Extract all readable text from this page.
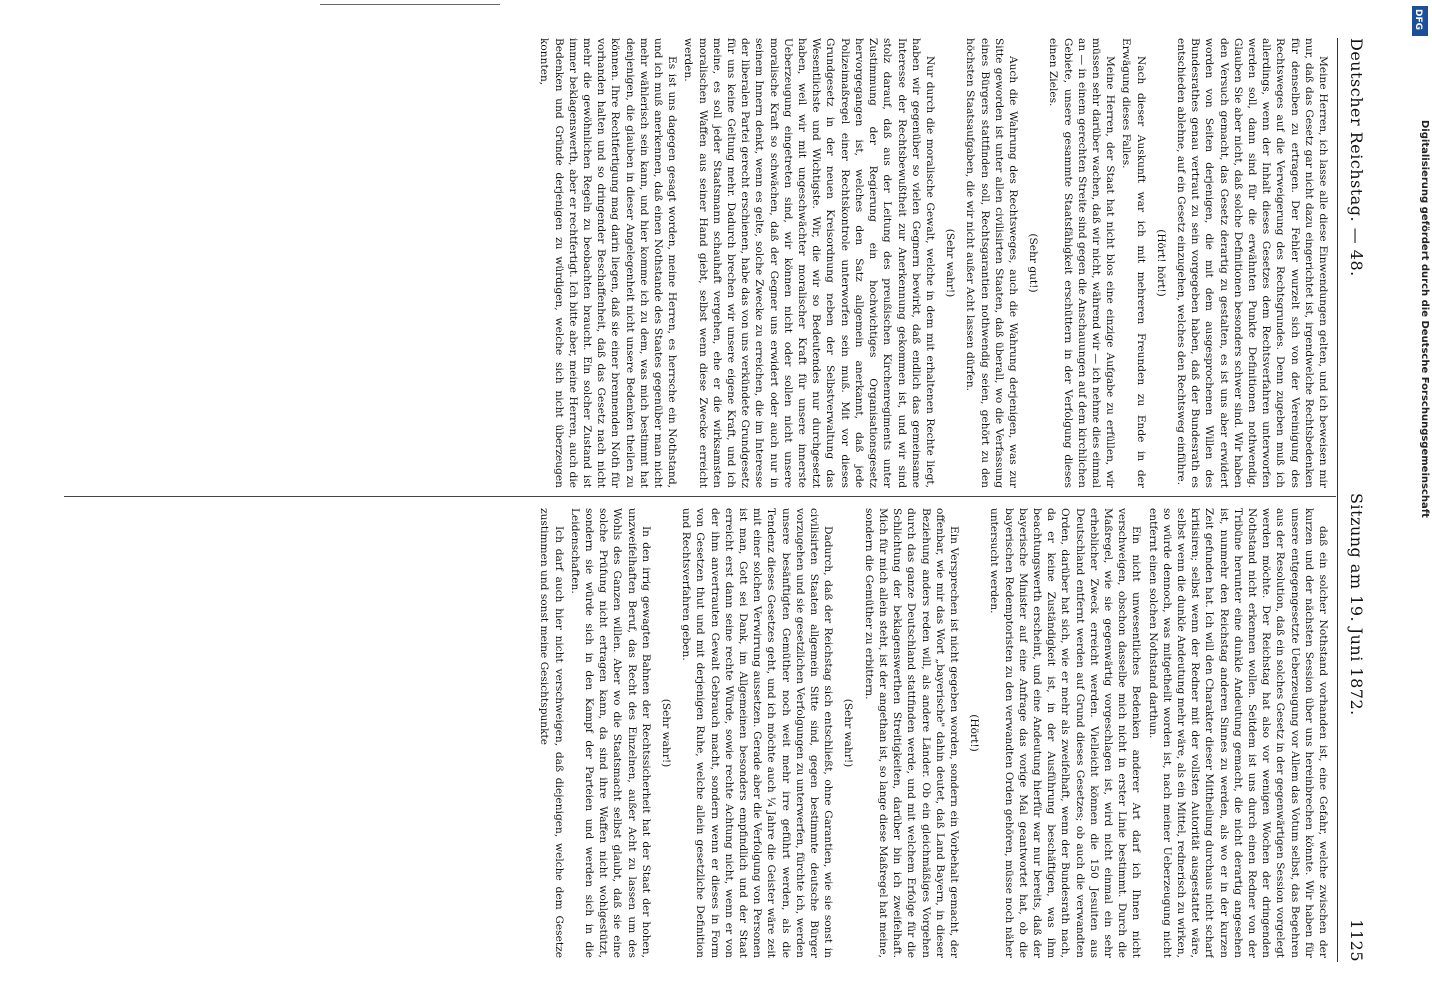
Deutscher Reichstag. — 48.
Sitzung am 19. Juni 1872.
1125

Meine Herren, ich lasse alle diese Einwendungen gelten, und ich beweisen mir nur, daß das Gesetz gar nicht dazu eingerichtet ist, irgendwelche Rechtsbedenken für denselben zu ertragen. Der Fehler wurzelt sich von der Vereinigung des Rechtsweges auf die Verweigerung des Rechtsgrundes. Denn zugeben muß ich allerdings, wenn der Inhalt dieses Gesetzes dem Rechtsverfahren unterworfen werden soll, dann sind für die erwähnten Punkte Definitionen nothwendig. Glauben Sie aber nicht, daß solche Definitionen besonders schwer sind. Wir haben den Versuch gemacht, das Gesetz derartig zu gestalten, es ist uns aber erwidert worden von Seiten derjenigen, die mit dem ausgesprochenen Willen des Bundesrathes genau vertraut zu sein vorgegeben haben, daß der Bundesrath es entschieden ablehne, auf ein Gesetz einzugehen, welches den Rechtsweg einführe.

(Hört! hört!)

Nach dieser Auskunft war ich mit mehreren Freunden zu Ende in der Erwägung dieses Falles.

Meine Herren, der Staat hat nicht blos eine einzige Aufgabe zu erfüllen, wir müssen sehr darüber wachen, daß wir nicht, während wir — ich nehme dies einmal an — in einem gerechten Streite sind gegen die Anschauungen auf dem kirchlichen Gebiete, unsere gesammte Staatsfähigkeit erschüttern in der Verfolgung dieses einen Zieles.

(Sehr gut!)

Auch die Wahrung des Rechtsweges, auch die Wahrung derjenigen, was zur Sitte geworden ist unter allen civilisirten Staaten, daß überall, wo die Verfassung eines Bürgers stattfinden soll, Rechtsgarantien nothwendig seien, gehört zu den höchsten Staatsaufgaben, die wir nicht außer Acht lassen dürfen.

(Sehr wahr!)

Nur durch die moralische Gewalt, welche in dem mit erhaltenen Rechte liegt, haben wir gegenüber so vielen Gegnern bewirkt, daß endlich das gemeinsame Interesse der Rechtsbewußtheit zur Anerkennung gekommen ist, und wir sind stolz darauf, daß aus der Leitung des preußischen Kirchenregiments unter Zustimmung der Regierung ein hochwichtiges Organisationsgesetz hervorgegangen ist, welches den Satz allgemein anerkannt, daß jede Polizeimaßregel einer Rechtskontrole unterworfen sein muß. Mit vor dieses Grundgesetz in der neuen Kreisordnung neben der Selbstverwaltung das Wesentlichste und Wichtigste. Wir, die wir so Bedeutendes nur durchgesetzt haben, weil wir mit ungeschwächter moralischer Kraft für unsere innerste Ueberzeugung eingetreten sind, wir können nicht oder sollen nicht unsere moralische Kraft so schwächen, daß der Gegner uns erwidert oder auch nur in seinem Innern denkt, wenn es gelte, solche Zwecke zu erreichen, die im Interesse der liberalen Partei gerecht erschienen, habe das von uns verkündete Grundgesetz für uns keine Geltung mehr. Dadurch brechen wir unsere eigene Kraft, und ich meine, es soll jeder Staatsmann schauhaft vergehen, ehe er die wirksamsten moralischen Waffen aus seiner Hand giebt, selbst wenn diese Zwecke erreicht werden.

Es ist uns dagegen gesagt worden, meine Herren, es herrsche ein Nothstand, und ich muß anerkennen, daß einen Nothstande des Staates gegenüber man nicht mehr wählerisch sein kann, und hier komme ich zu dem, was mich bestimmt hat denjenigen, die glauben in dieser Angelegenheit nicht unsere Bedenken theilen zu können. Ihre Rechtfertigung mag darin liegen, daß sie einer brennenden Noth für vorhanden halten und so dringender Beschaffenheit, daß das Gesetz nach nicht mehr die gewöhnlichen Regeln zu beobachten braucht. Ein solcher Zustand ist immer beklagenswerth, aber er rechtfertigt. Ich bitte aber, meine Herren, auch die Bedenken und Gründe derjenigen zu würdigen, welche sich nicht überzeugen konnten,

daß ein solcher Nothstand vorhanden ist, eine Gefahr, welche zwischen der kurzen und der nächsten Session über uns hereinbrechen könnte. Wir haben für unsere entgegengesetzte Ueberzeugung vor Allem das Votum selbst, das Begehren aus der Resolution, daß ein solches Gesetz in der gegenwärtigen Session vorgelegt werden möchte. Der Reichstag hat also vor wenigen Wochen der dringenden Nothstand nicht erkennen wollen. Seitdem ist uns durch einen Redner von der Tribüne herunter eine dunkle Andeutung gemacht, die nicht derartig angesehen ist, nunmehr den Reichstag anderen Sinnes zu werden, als wo er in der kurzen Zeit gefunden hat. Ich will den Charakter dieser Mittheilung durchaus nicht scharf kritisiren; selbst wenn der Redner mit der vollsten Autorität ausgestattet wäre, selbst wenn die dunkle Andeutung mehr wäre, als ein Mittel, rednerisch zu wirken, so würde dennoch, was mitgetheilt worden ist, nach meiner Ueberzeugung nicht entfernt einen solchen Nothstand darthun.

Ein nicht unwesentliches Bedenken anderer Art darf ich Ihnen nicht verschweigen, obschon dasselbe mich nicht in erster Linie bestimmt. Durch die Maßregel, wie sie gegenwärtig vorgeschlagen ist, wird nicht einmal ein sehr erheblicher Zweck erreicht werden. Vielleicht können die 150 Jesuiten aus Deutschland entfernt werden auf Grund dieses Gesetzes; ob auch die verwandten Orden, darüber hat sich, wie er mehr als zweifelhaft, wenn der Bundesrath nach, da er keine Zuständigkeit ist, in der Ausführung beschäftigen, was ihm beachtungswerth erscheint, und eine Andeutung hierfür war nur bereits, daß der bayerische Minister auf eine Anfrage das vorige Mal geantwortet hat, ob die bayerischen Redemptoristen zu den verwandten Orden gehören, müsse noch näher untersucht werden.

(Hört!)

Ein Versprechen ist nicht gegeben worden, sondern ein Vorbehalt gemacht, der offenbar, wie mir das Wort „bayerische" dahin deutet, daß Land Bayern, in dieser Beziehung anders reden will, als andere Länder. Ob ein gleichmäßiges Vorgehen durch das ganze Deutschland stattfinden werde, und mit welchem Erfolge für die Schlichtung der beklagenswerthen Streitigkeiten, darüber bin ich zweifelhaft. Mich für mich allein steht, ist der angethan ist, so lange diese Maßregel hat meine, sondern die Gemüther zu erbittern.

(Sehr wahr!)

Dadurch, daß der Reichstag sich entschließt, ohne Garantien, wie sie sonst in civilisirten Staaten allgemein Sitte sind, gegen bestimmte deutsche Bürger vorzugehen und sie gesetzlichen Verfolgungen zu unterwerfen, fürchte ich, werden unsere besänftigten Gemüther noch weit mehr irre geführt werden, als die Tendenz dieses Gesetzes geht, und ich möchte auch ¼ Jahre die Geister wäre zeit mit einer solchen Verwirrung aussetzen. Gerade aber die Verfolgung von Personen ist man, Gott sei Dank, im Allgemeinen besonders empfindlich und der Staat erreicht erst dann seine rechte Würde, sowie rechte Achtung nicht, wenn er von der ihm anvertrauten Gewalt Gebrauch macht, sondern wenn er dieses in Form von Gesetzen thut und mit derjenigen Ruhe, welche allein gesetzliche Definition und Rechtsverfahren geben.

(Sehr wahr!)

In den irrig gewagten Bahnen der Rechtssicherheit hat der Staat der hohen, unzweifelhaften Beruf, das Recht des Einzelnen, außer Acht zu lassen um des Wohls des Ganzen willen. Aber wo die Staatsmacht selbst glaubt, daß sie eine solche Prüfung nicht ertragen kann, da sind ihre Waffen nicht wohlgestützt, sondern sie würde sich in den Kampf der Parteien und werden sich in die Leidenschaften.

Ich darf auch hier nicht verschweigen, daß diejenigen, welche dem Gesetze zustimmen und sonst meine Gesichtspunkte

DFG
Digitalisierung gefördert durch die Deutsche Forschungsgemeinschaft
